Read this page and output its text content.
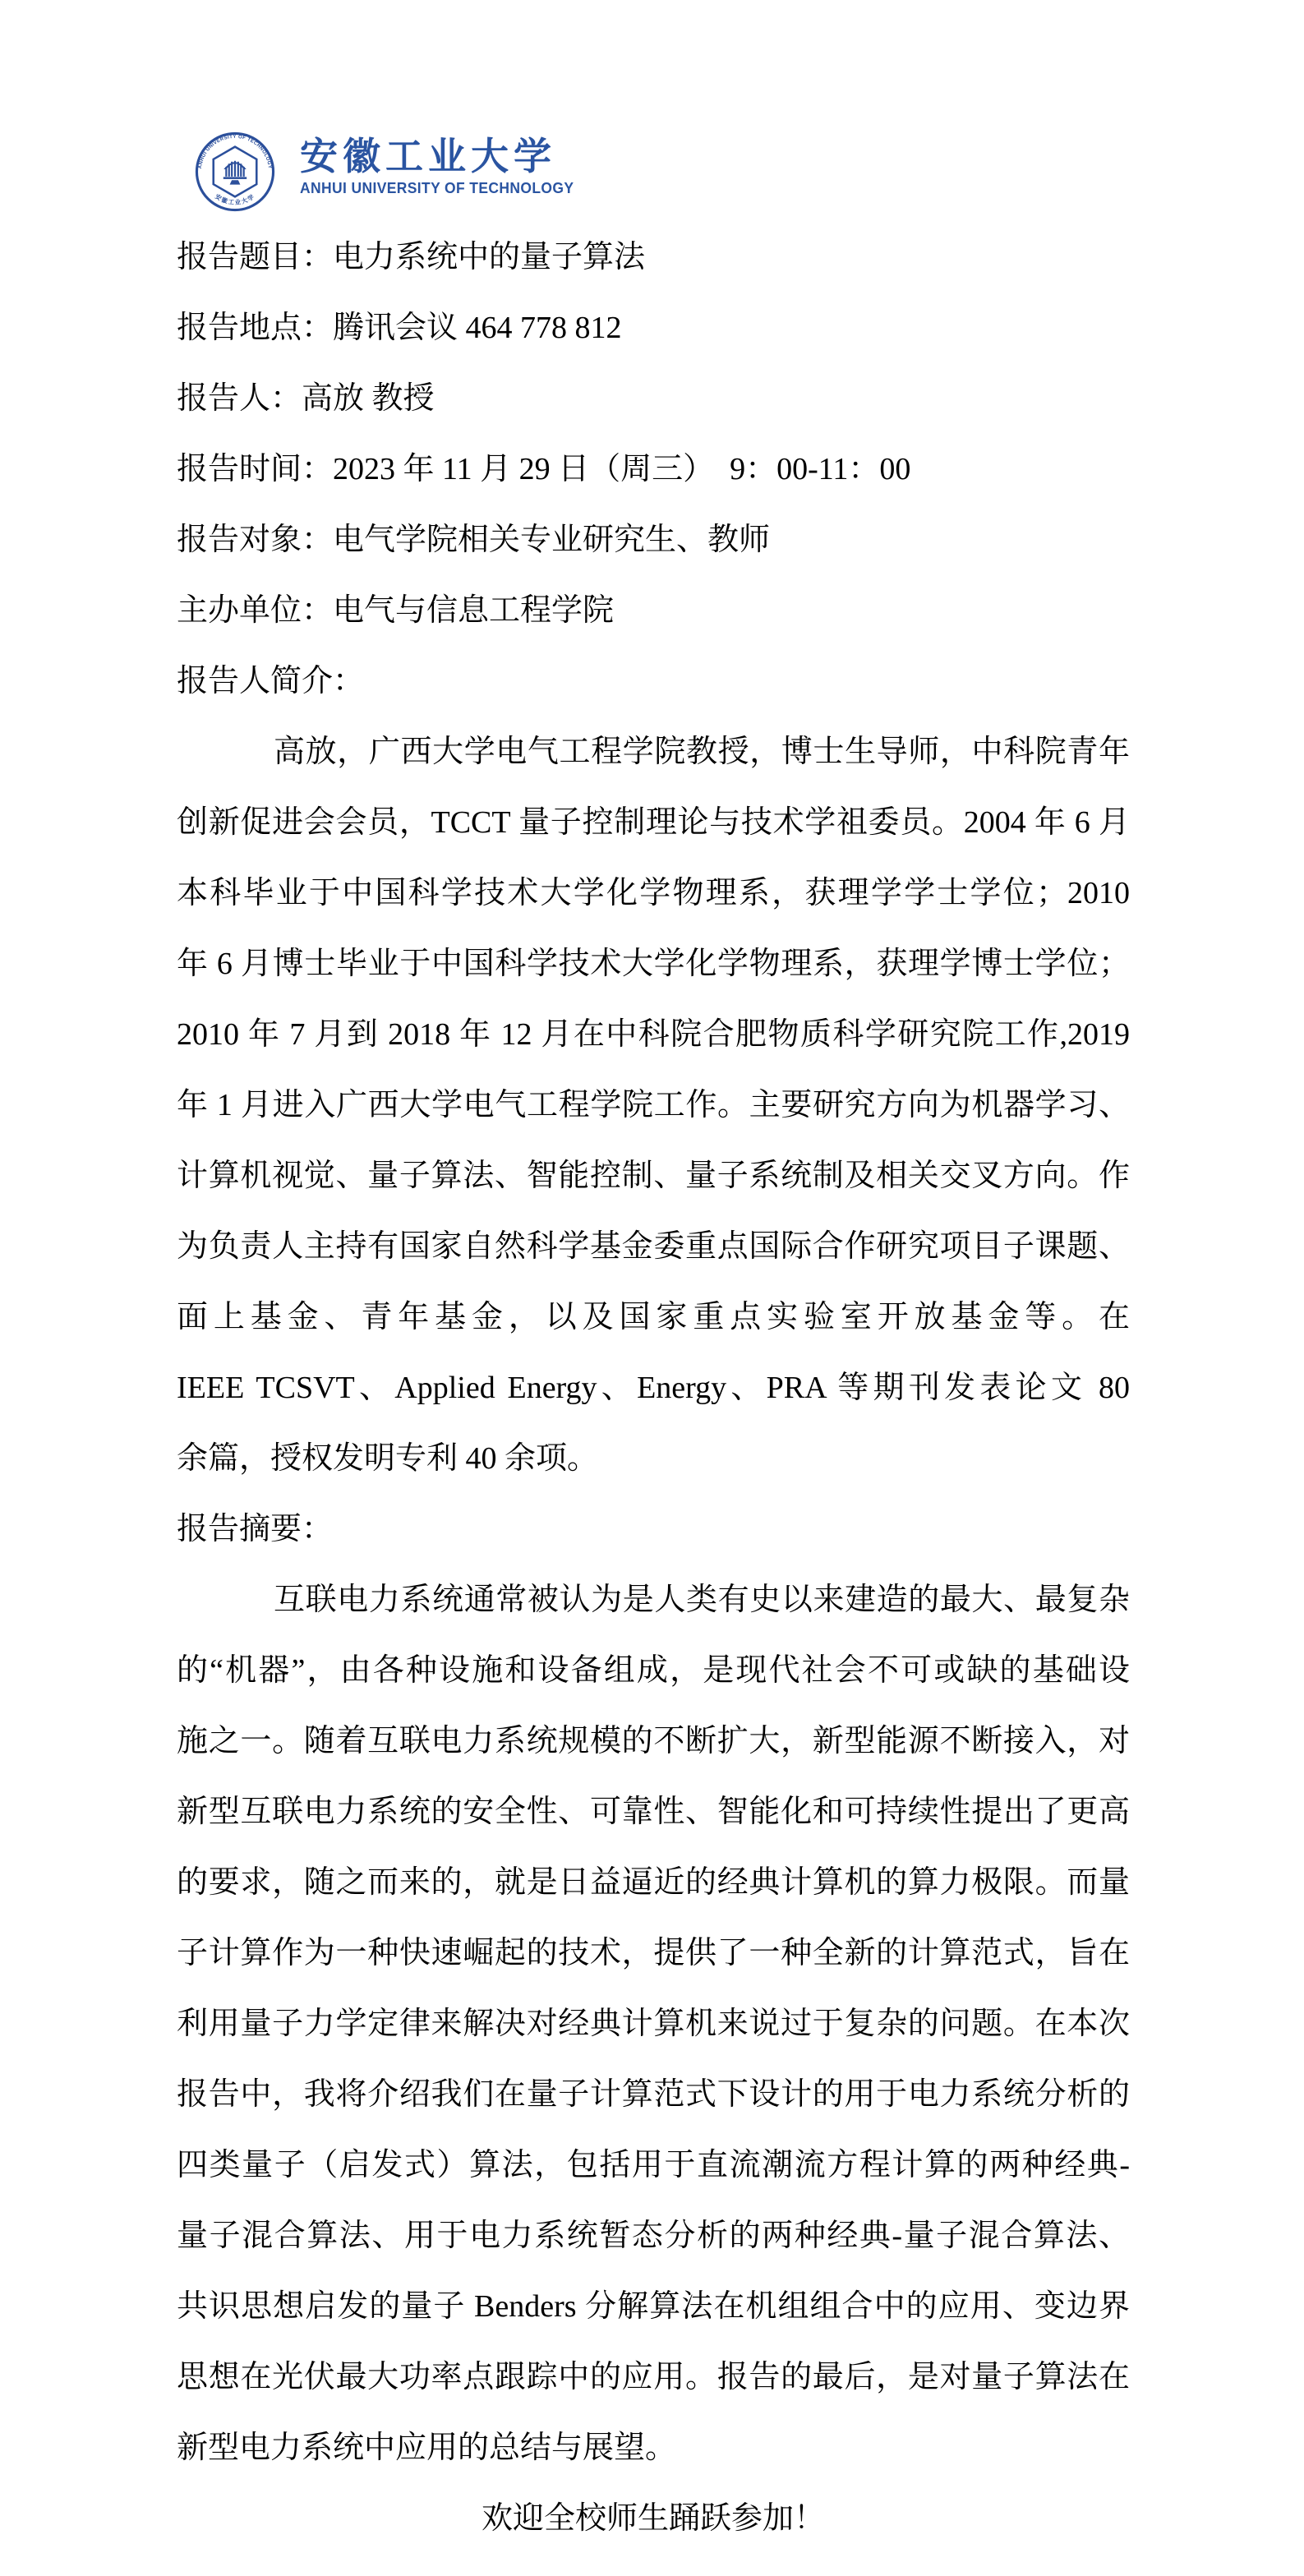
ANHUI UNIVERSITY OF TECHNOLOGY
安徽工业大学
安徽工业大学
ANHUI UNIVERSITY OF TECHNOLOGY
报告题目：电力系统中的量子算法
报告地点：腾讯会议 464 778 812
报告人：高放 教授
报告时间：2023 年 11 月 29 日（周三）　9：00-11：00
报告对象：电气学院相关专业研究生、教师
主办单位：电气与信息工程学院
报告人简介：
高放，广西大学电气工程学院教授，博士生导师，中科院青年
创新促进会会员，TCCT 量子控制理论与技术学祖委员。2004 年 6 月
本科毕业于中国科学技术大学化学物理系，获理学学士学位；2010
年 6 月博士毕业于中国科学技术大学化学物理系，获理学博士学位；
2010 年 7 月到 2018 年 12 月在中科院合肥物质科学研究院工作,2019
年 1 月进入广西大学电气工程学院工作。主要研究方向为机器学习、
计算机视觉、量子算法、智能控制、量子系统制及相关交叉方向。作
为负责人主持有国家自然科学基金委重点国际合作研究项目子课题、
面上基金、青年基金，以及国家重点实验室开放基金等。在
IEEE TCSVT、Applied Energy、Energy、PRA 等期刊发表论文 80
余篇，授权发明专利 40 余项。
报告摘要：
互联电力系统通常被认为是人类有史以来建造的最大、最复杂
的“机器”，由各种设施和设备组成，是现代社会不可或缺的基础设
施之一。随着互联电力系统规模的不断扩大，新型能源不断接入，对
新型互联电力系统的安全性、可靠性、智能化和可持续性提出了更高
的要求，随之而来的，就是日益逼近的经典计算机的算力极限。而量
子计算作为一种快速崛起的技术，提供了一种全新的计算范式，旨在
利用量子力学定律来解决对经典计算机来说过于复杂的问题。在本次
报告中，我将介绍我们在量子计算范式下设计的用于电力系统分析的
四类量子（启发式）算法，包括用于直流潮流方程计算的两种经典-
量子混合算法、用于电力系统暂态分析的两种经典-量子混合算法、
共识思想启发的量子 Benders 分解算法在机组组合中的应用、变边界
思想在光伏最大功率点跟踪中的应用。报告的最后，是对量子算法在
新型电力系统中应用的总结与展望。
欢迎全校师生踊跃参加！
